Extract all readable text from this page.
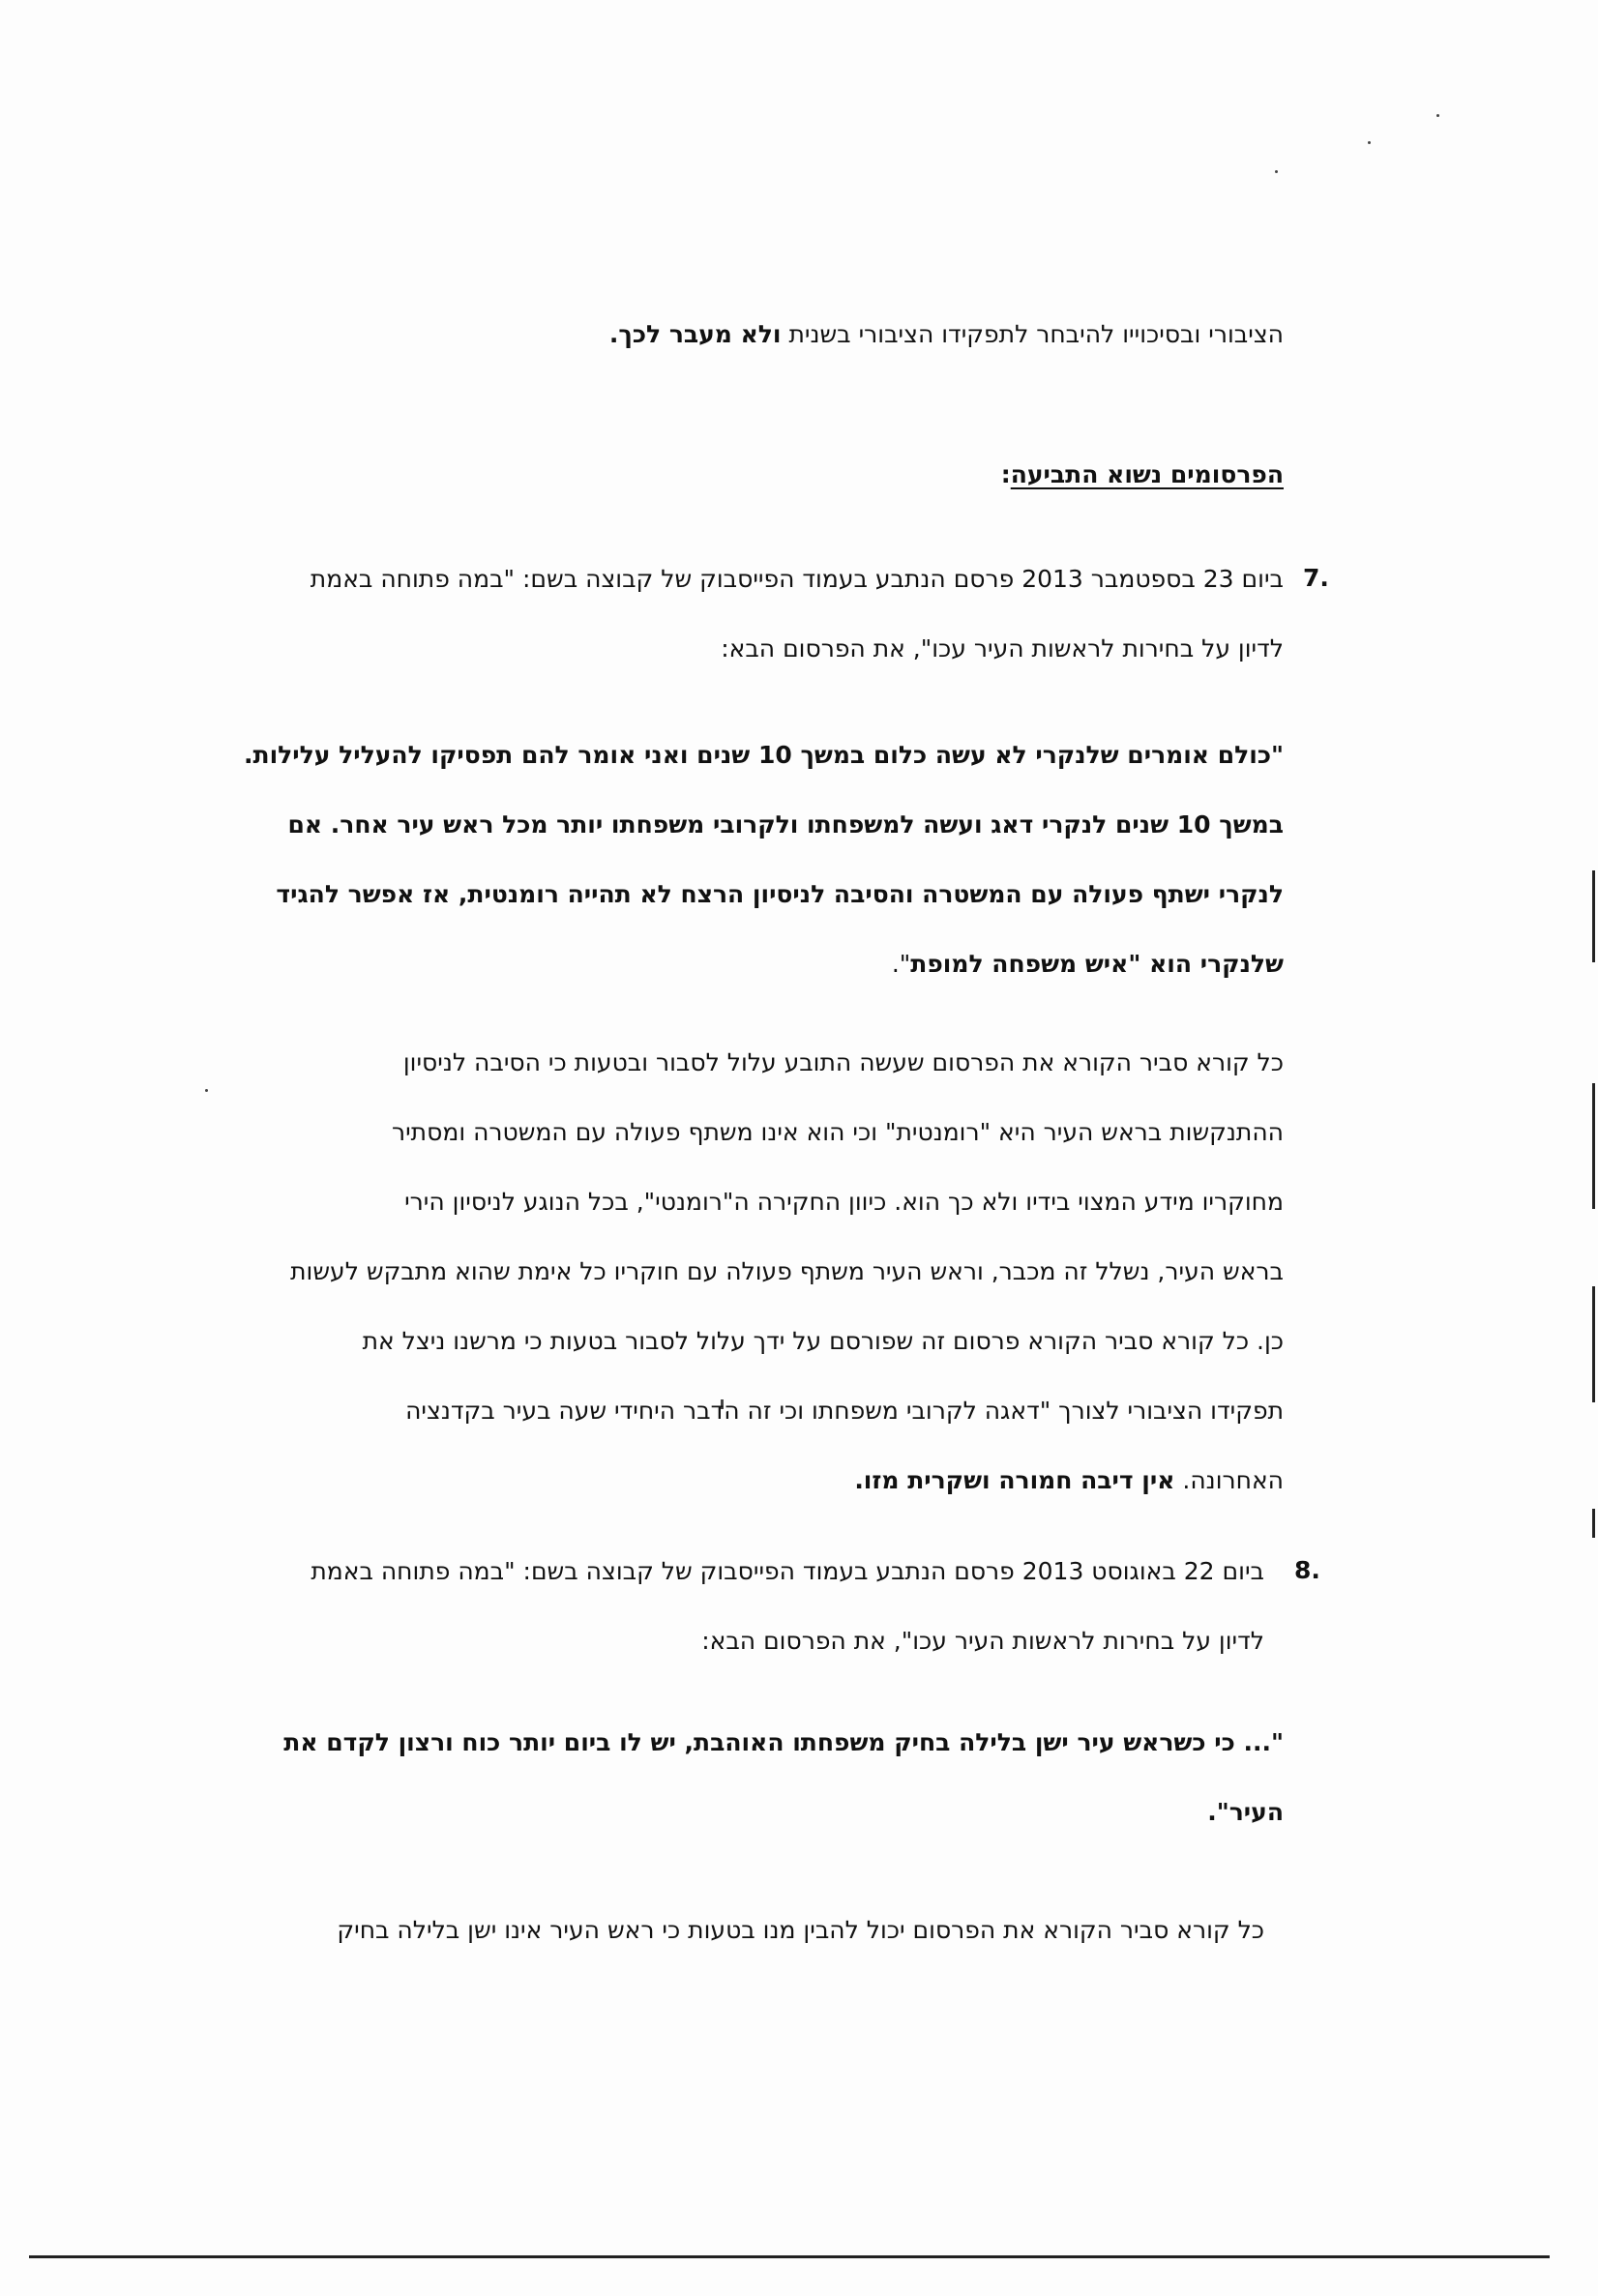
הציבורי ובסיכוייו להיבחר לתפקידו הציבורי בשנית ולא מעבר לכך.
הפרסומים נשוא התביעה:
7.
ביום 23 בספטמבר 2013 פרסם הנתבע בעמוד הפייסבוק של קבוצה בשם: "במה פתוחה באמת
לדיון על בחירות לראשות העיר עכו", את הפרסום הבא:
"כולם אומרים שלנקרי לא עשה כלום במשך 10 שנים ואני אומר להם תפסיקו להעליל עלילות.
במשך 10 שנים לנקרי דאג ועשה למשפחתו ולקרובי משפחתו יותר מכל ראש עיר אחר. אם
לנקרי ישתף פעולה עם המשטרה והסיבה לניסיון הרצח לא תהייה רומנטית, אז אפשר להגיד
שלנקרי הוא "איש משפחה למופת".
כל קורא סביר הקורא את הפרסום שעשה התובע עלול לסבור ובטעות כי הסיבה לניסיון
ההתנקשות בראש העיר היא "רומנטית" וכי הוא אינו משתף פעולה עם המשטרה ומסתיר
מחוקריו מידע המצוי בידיו ולא כך הוא. כיוון החקירה ה"רומנטי", בכל הנוגע לניסיון הירי
בראש העיר, נשלל זה מכבר, וראש העיר משתף פעולה עם חוקריו כל אימת שהוא מתבקש לעשות
כן. כל קורא סביר הקורא פרסום זה שפורסם על ידך עלול לסבור בטעות כי מרשנו ניצל את
תפקידו הציבורי לצורך "דאגה לקרובי משפחתו וכי זה הדבר היחידי שעה בעיר בקדנציה
האחרונה. אין דיבה חמורה ושקרית מזו.
8.
ביום 22 באוגוסט 2013 פרסם הנתבע בעמוד הפייסבוק של קבוצה בשם: "במה פתוחה באמת
לדיון על בחירות לראשות העיר עכו", את הפרסום הבא:
"... כי כשראש עיר ישן בלילה בחיק משפחתו האוהבת, יש לו ביום יותר כוח ורצון לקדם את
העיר".
כל קורא סביר הקורא את הפרסום יכול להבין מנו בטעות כי ראש העיר אינו ישן בלילה בחיק
